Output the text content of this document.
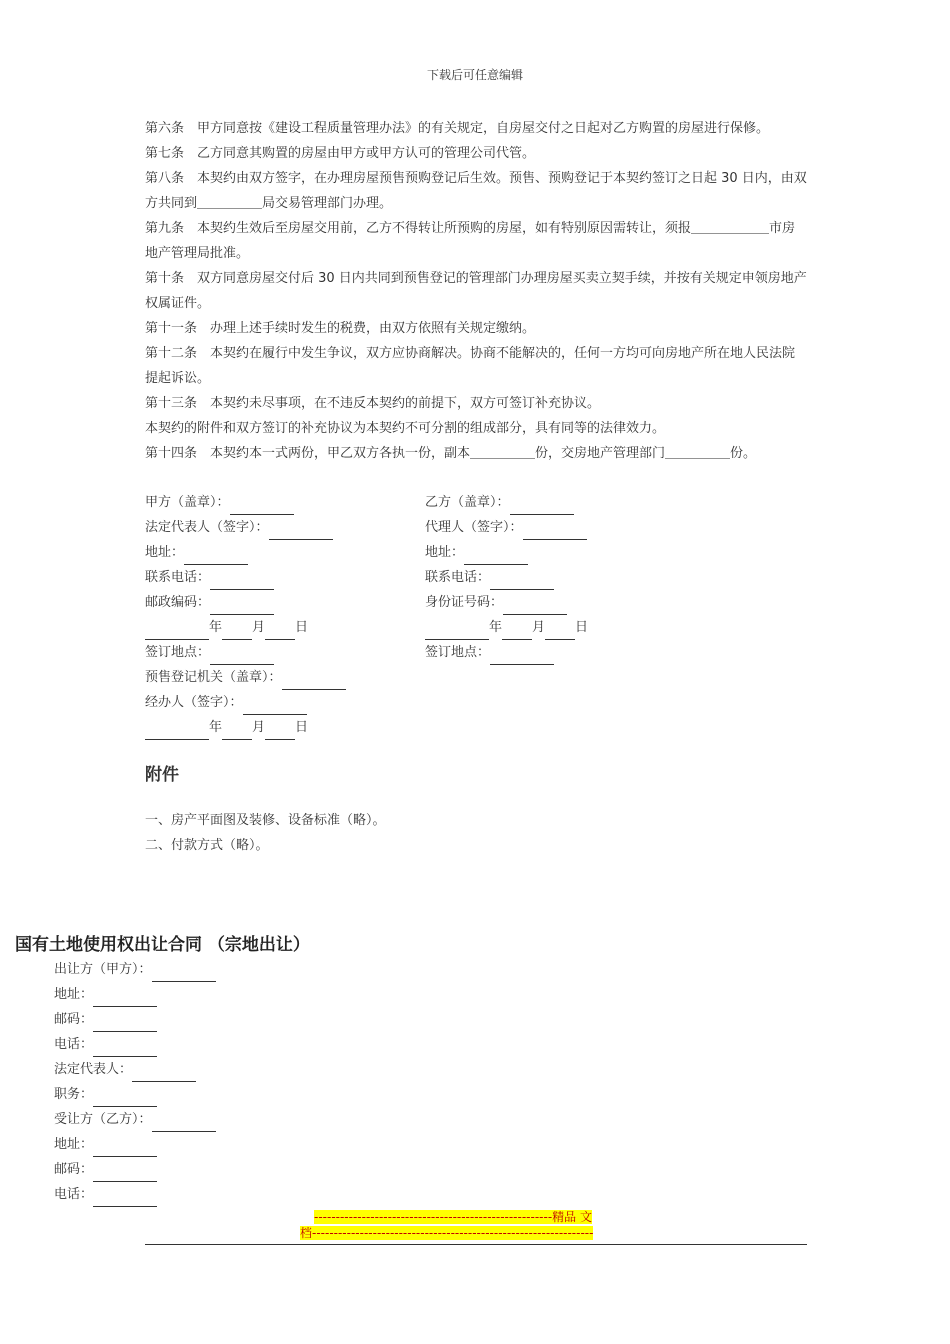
下载后可任意编辑

第六条　甲方同意按《建设工程质量管理办法》的有关规定，自房屋交付之日起对乙方购置的房屋进行保修。

第七条　乙方同意其购置的房屋由甲方或甲方认可的管理公司代管。

第八条　本契约由双方签字，在办理房屋预售预购登记后生效。预售、预购登记于本契约签订之日起 30 日内，由双方共同到＿＿＿＿＿局交易管理部门办理。

第九条　本契约生效后至房屋交用前，乙方不得转让所预购的房屋，如有特别原因需转让，须报＿＿＿＿＿＿市房地产管理局批准。

第十条　双方同意房屋交付后 30 日内共同到预售登记的管理部门办理房屋买卖立契手续，并按有关规定申领房地产权属证件。

第十一条　办理上述手续时发生的税费，由双方依照有关规定缴纳。

第十二条　本契约在履行中发生争议，双方应协商解决。协商不能解决的，任何一方均可向房地产所在地人民法院提起诉讼。

第十三条　本契约未尽事项，在不违反本契约的前提下，双方可签订补充协议。

本契约的附件和双方签订的补充协议为本契约不可分割的组成部分，具有同等的法律效力。

第十四条　本契约本一式两份，甲乙双方各执一份，副本＿＿＿＿＿份，交房地产管理部门＿＿＿＿＿份。

甲方（盖章）：	乙方（盖章）：
法定代表人（签字）：	代理人（签字）：
地址：	地址：
联系电话：	联系电话：
邮政编码：	身份证号码：
年 月 日	年 月 日
签订地点：	签订地点：
预售登记机关（盖章）：
经办人（签字）：
年 月 日
附件

一、房产平面图及装修、设备标准（略）。

二、付款方式（略）。

国有土地使用权出让合同 （宗地出让）

出让方（甲方）：

地址：

邮码：

电话：

法定代表人：

职务：

受让方（乙方）：

地址：

邮码：

电话：

-------------------------------------------------------精品 文
档-----------------------------------------------------------------
